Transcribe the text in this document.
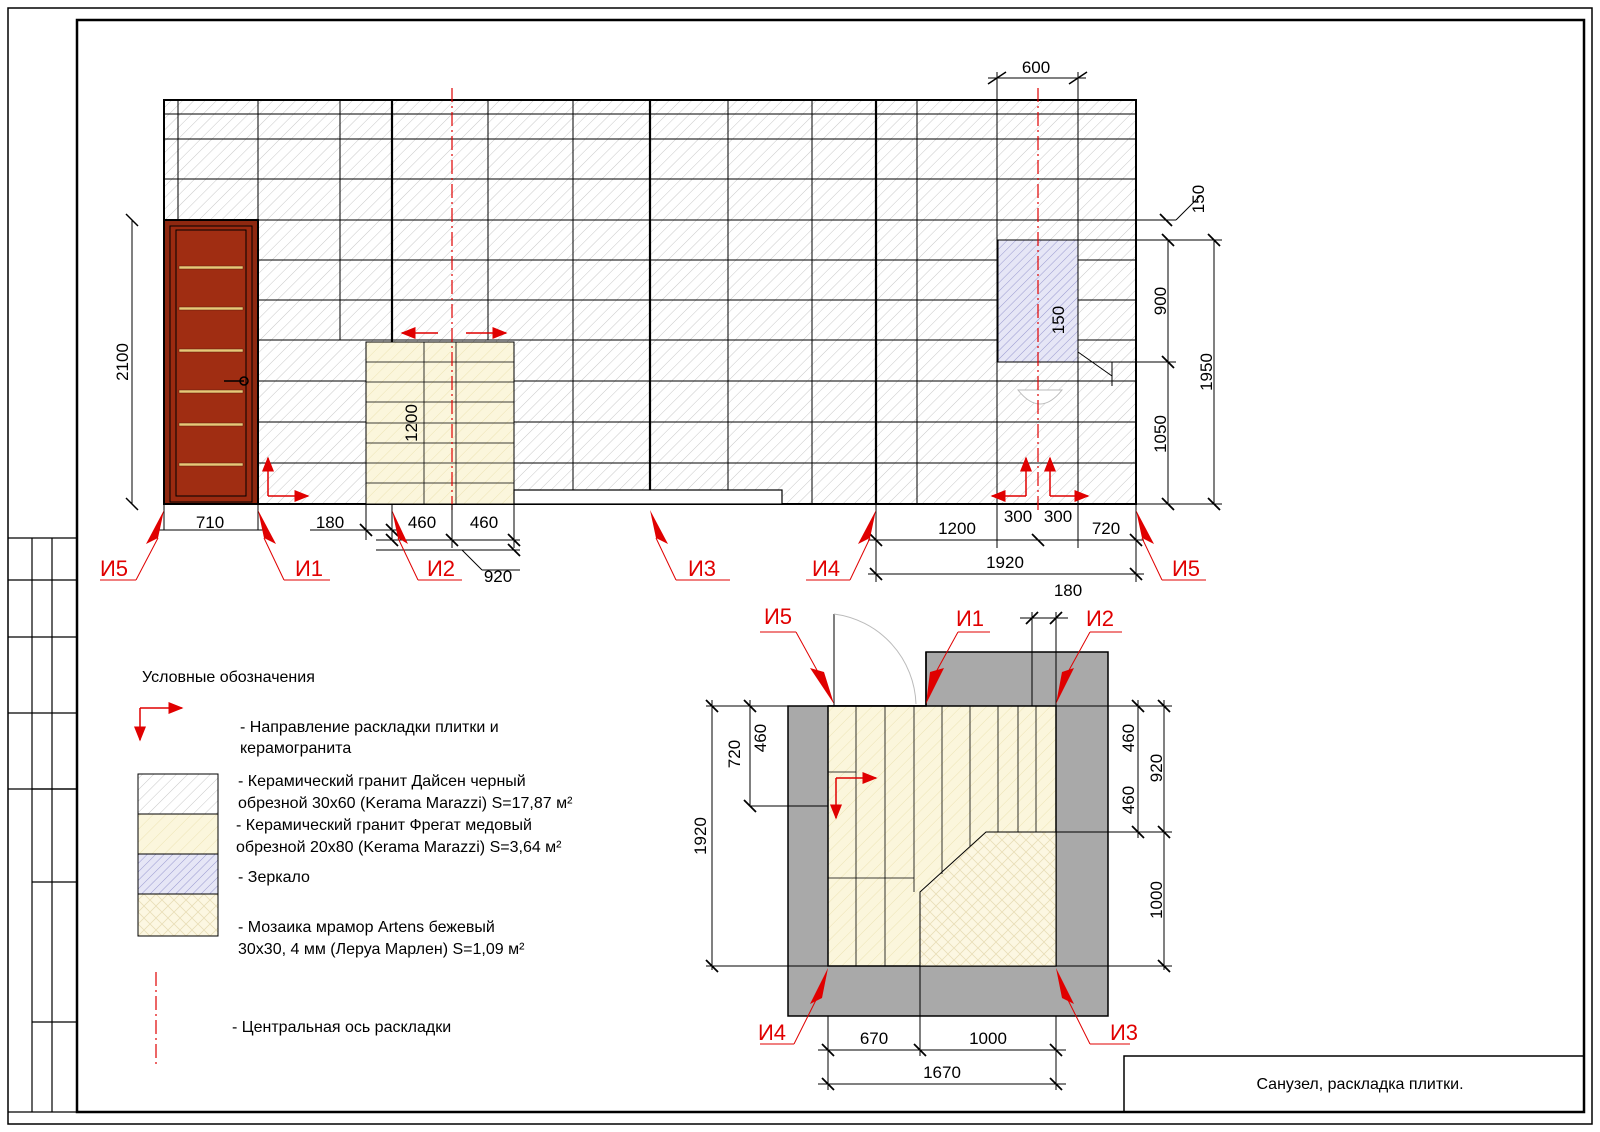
Санузел, раскладка плитки.
600
150
150
900
1950
1050
2100
1200
710	180	460 460
920
1200
300 300
720
1920
И5	И1	И2	И3	И4	И5
180
720
460
1920
460
460
920
1000
670	1000
1670
И5	И1	И2
И4	И3
Условные обозначения
- Направление раскладки плитки и
керамогранита
- Керамический гранит Дайсен черный
обрезной 30х60 (Kerama Marazzi) S=17,87 м²
- Керамический гранит Фрегат медовый
обрезной 20х80 (Kerama Marazzi) S=3,64 м²
- Зеркало
- Мозаика мрамор Artens бежевый
30х30, 4 мм (Леруа Марлен) S=1,09 м²
- Центральная ось раскладки
